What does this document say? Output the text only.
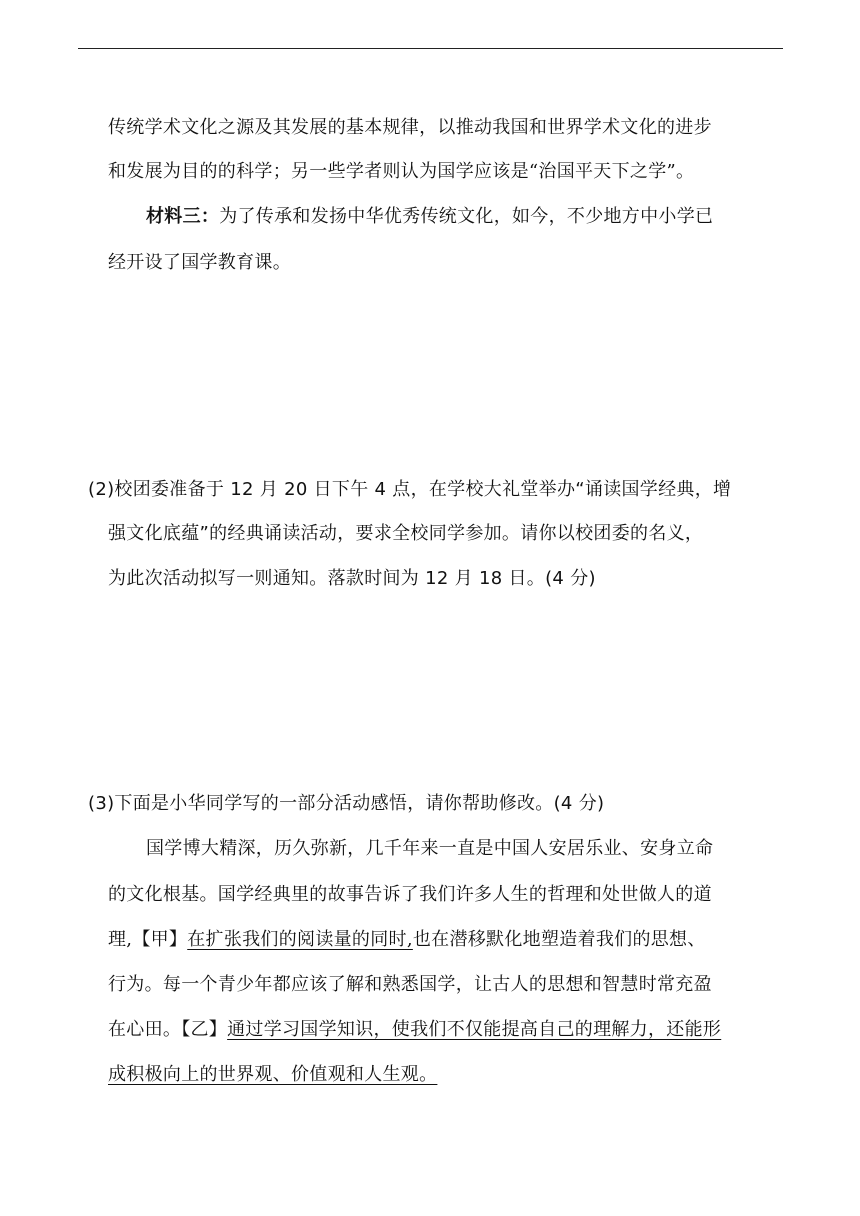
传统学术文化之源及其发展的基本规律，以推动我国和世界学术文化的进步
和发展为目的的科学；另一些学者则认为国学应该是“治国平天下之学”。
材料三：为了传承和发扬中华优秀传统文化，如今，不少地方中小学已
经开设了国学教育课。
(2)校团委准备于 12 月 20 日下午 4 点，在学校大礼堂举办“诵读国学经典，增
强文化底蕴”的经典诵读活动，要求全校同学参加。请你以校团委的名义，
为此次活动拟写一则通知。落款时间为 12 月 18 日。(4 分)
(3)下面是小华同学写的一部分活动感悟，请你帮助修改。(4 分)
国学博大精深，历久弥新，几千年来一直是中国人安居乐业、安身立命
的文化根基。国学经典里的故事告诉了我们许多人生的哲理和处世做人的道
理,【甲】在扩张我们的阅读量的同时,也在潜移默化地塑造着我们的思想、
行为。每一个青少年都应该了解和熟悉国学，让古人的思想和智慧时常充盈
在心田。【乙】通过学习国学知识，使我们不仅能提高自己的理解力，还能形
成积极向上的世界观、价值观和人生观。
